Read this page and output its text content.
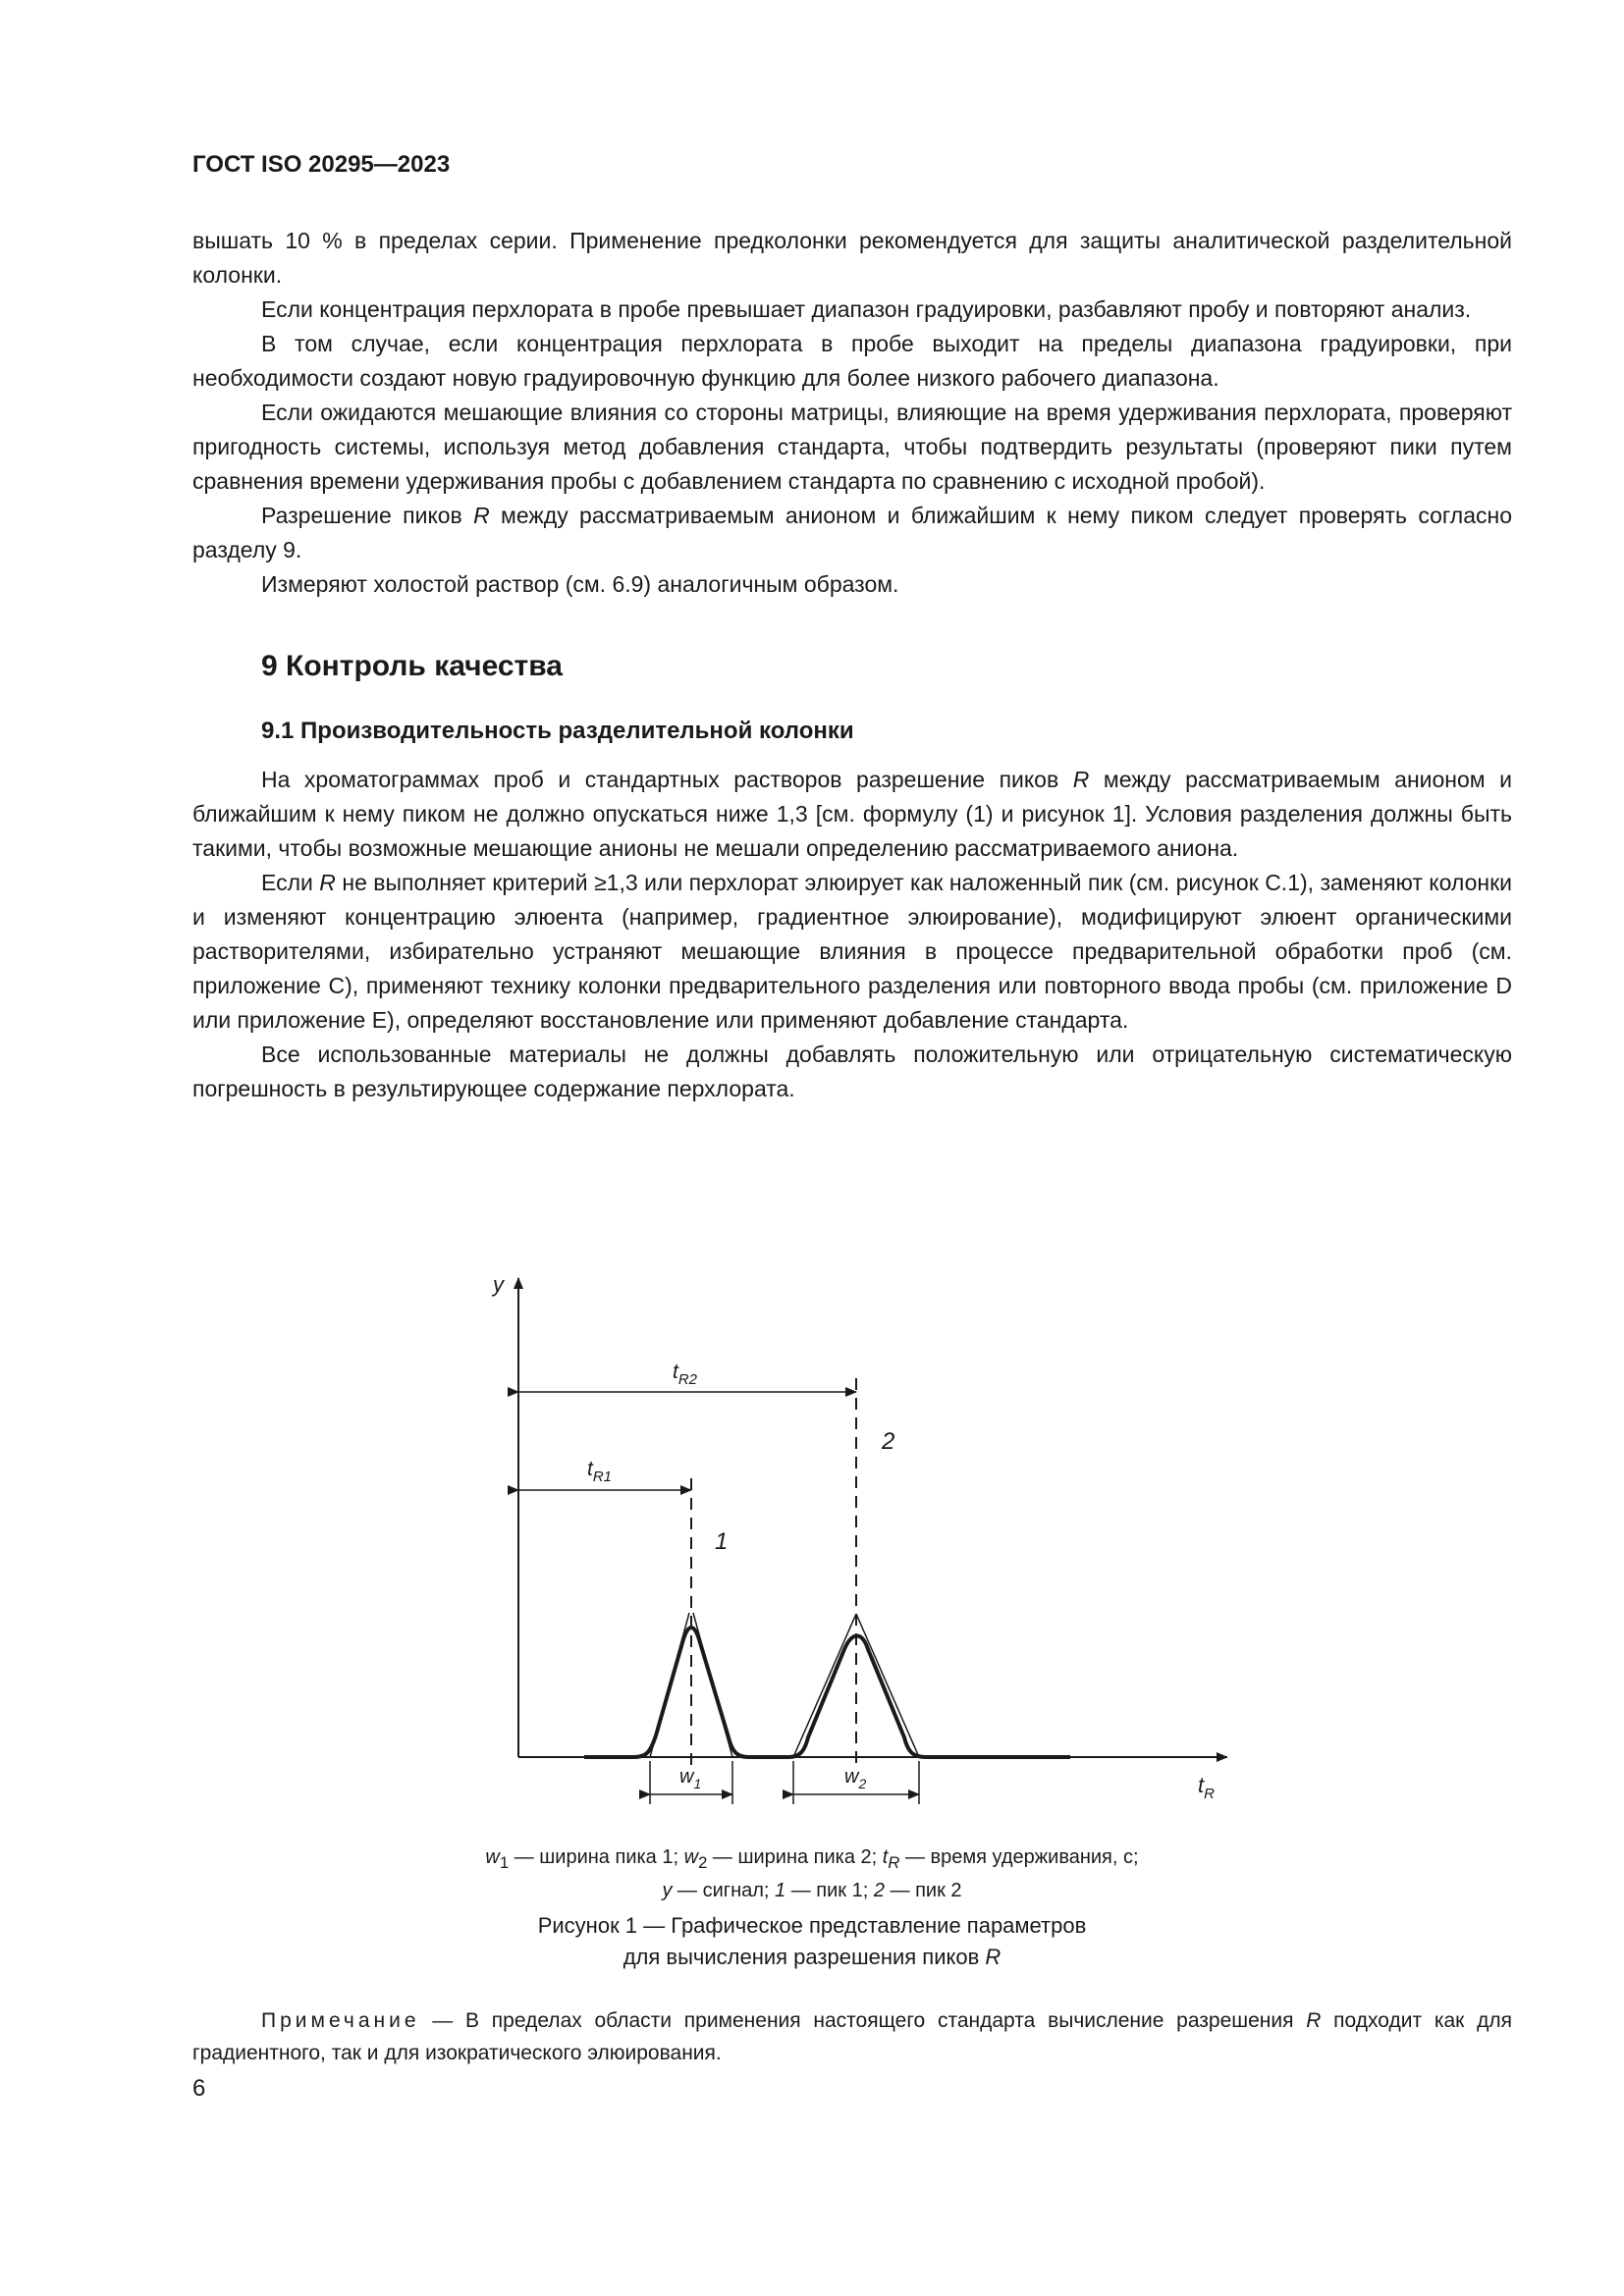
ГОСТ ISO 20295—2023

вышать 10 % в пределах серии. Применение предколонки рекомендуется для защиты аналитической разделительной колонки.

Если концентрация перхлората в пробе превышает диапазон градуировки, разбавляют пробу и повторяют анализ.

В том случае, если концентрация перхлората в пробе выходит на пределы диапазона градуировки, при необходимости создают новую градуировочную функцию для более низкого рабочего диапазона.

Если ожидаются мешающие влияния со стороны матрицы, влияющие на время удерживания перхлората, проверяют пригодность системы, используя метод добавления стандарта, чтобы подтвердить результаты (проверяют пики путем сравнения времени удерживания пробы с добавлением стандарта по сравнению с исходной пробой).

Разрешение пиков R между рассматриваемым анионом и ближайшим к нему пиком следует проверять согласно разделу 9.

Измеряют холостой раствор (см. 6.9) аналогичным образом.

9 Контроль качества
9.1 Производительность разделительной колонки

На хроматограммах проб и стандартных растворов разрешение пиков R между рассматриваемым анионом и ближайшим к нему пиком не должно опускаться ниже 1,3 [см. формулу (1) и рисунок 1]. Условия разделения должны быть такими, чтобы возможные мешающие анионы не мешали определению рассматриваемого аниона.

Если R не выполняет критерий ≥1,3 или перхлорат элюирует как наложенный пик (см. рисунок С.1), заменяют колонки и изменяют концентрацию элюента (например, градиентное элюирование), модифицируют элюент органическими растворителями, избирательно устраняют мешающие влияния в процессе предварительной обработки проб (см. приложение С), применяют технику колонки предварительного разделения или повторного ввода пробы (см. приложение D или приложение E), определяют восстановление или применяют добавление стандарта.

Все использованные материалы не должны добавлять положительную или отрицательную систематическую погрешность в результирующее содержание перхлората.

y
$t_R$
$t_{R2}$
$t_{R1}$
1
2
$w_1$	$w_2$

$w_1$ — ширина пика 1; $w_2$ — ширина пика 2; $t_R$ — время удерживания, с;
y — сигнал; 1 — пик 1; 2 — пик 2

Рисунок 1 — Графическое представление параметров
для вычисления разрешения пиков R

Примечание — В пределах области применения настоящего стандарта вычисление разрешения R подходит как для градиентного, так и для изократического элюирования.

6
